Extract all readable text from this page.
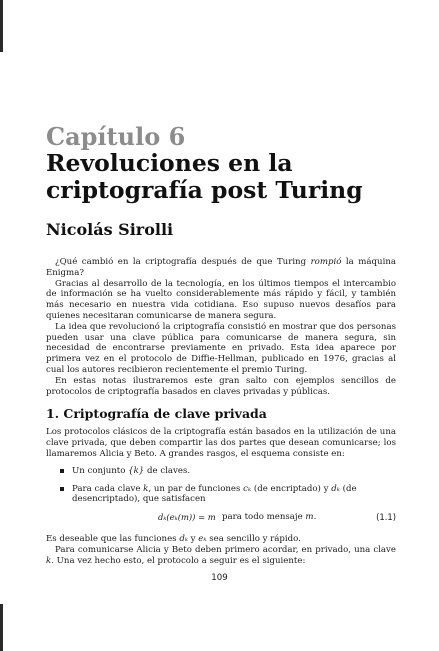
Capítulo 6
Revoluciones en la
criptografía post Turing
Nicolás Sirolli

¿Qué cambió en la criptografía después de que Turing rompió la máquina Enigma?

Gracias al desarrollo de la tecnología, en los últimos tiempos el intercambio de información se ha vuelto considerablemente más rápido y fácil, y también más necesario en nuestra vida cotidiana. Eso supuso nuevos desafíos para quienes necesitaran comunicarse de manera segura.

La idea que revolucionó la criptografía consistió en mostrar que dos personas pueden usar una clave pública para comunicarse de manera segura, sin necesidad de encontrarse previamente en privado. Esta idea aparece por primera vez en el protocolo de Diffie-Hellman, publicado en 1976, gracias al cual los autores recibieron recientemente el premio Turing.

En estas notas ilustraremos este gran salto con ejemplos sencillos de protocolos de criptografía basados en claves privadas y públicas.

1. Criptografía de clave privada

Los protocolos clásicos de la criptografía están basados en la utilización de una clave privada, que deben compartir las dos partes que desean comunicarse; los llamaremos Alicia y Beto. A grandes rasgos, el esquema consiste en:

Un conjunto {k} de claves.
Para cada clave k, un par de funciones cₖ (de encriptado) y dₖ (de desencriptado), que satisfacen
dₖ(eₖ(m)) = m para todo mensaje m.	(1.1)

Es deseable que las funciones dₖ y eₖ sea sencillo y rápido.

Para comunicarse Alicia y Beto deben primero acordar, en privado, una clave k. Una vez hecho esto, el protocolo a seguir es el siguiente:

109
